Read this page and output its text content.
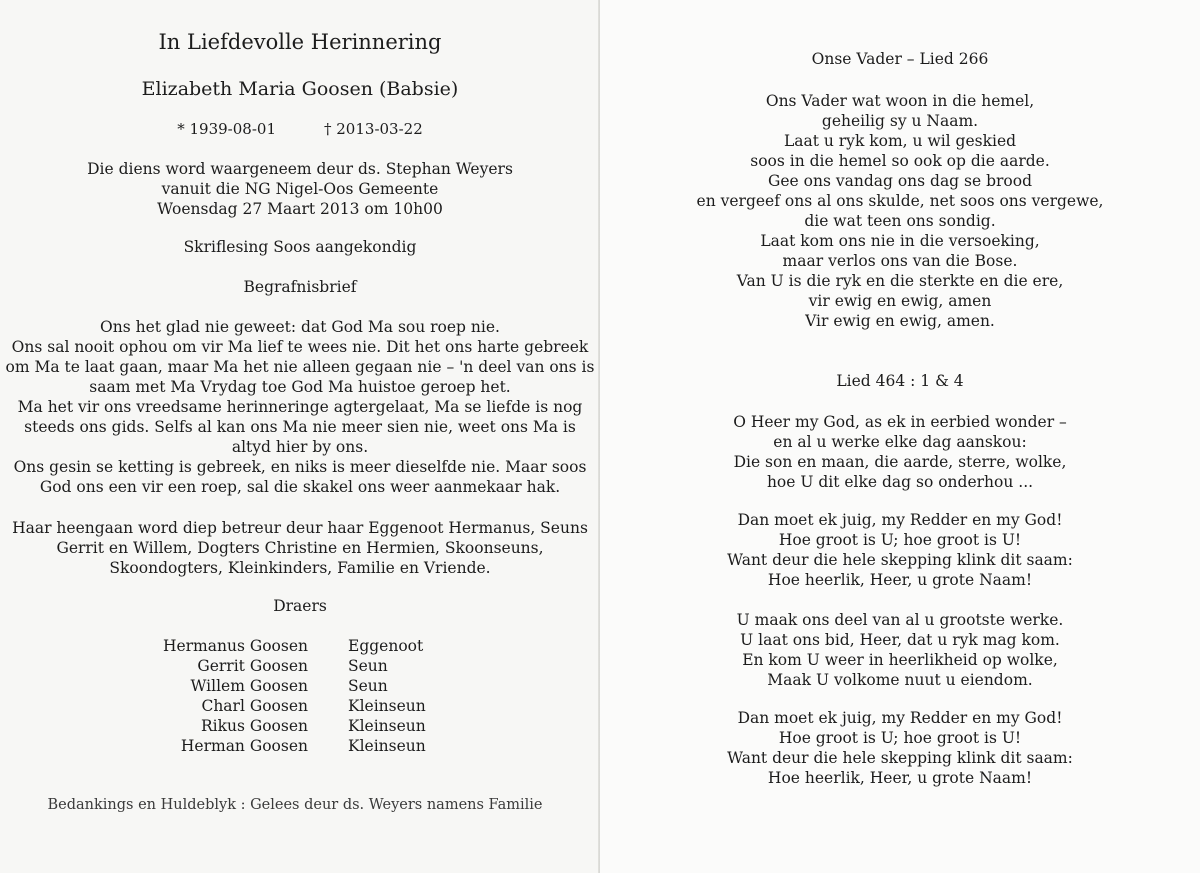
In Liefdevolle Herinnering
Elizabeth Maria Goosen (Babsie)
* 1939-08-01	† 2013-03-22
Die diens word waargeneem deur ds. Stephan Weyers
vanuit die NG Nigel-Oos Gemeente
Woensdag 27 Maart 2013 om 10h00
Skriflesing Soos aangekondig
Begrafnisbrief
Ons het glad nie geweet: dat God Ma sou roep nie.
Ons sal nooit ophou om vir Ma lief te wees nie. Dit het ons harte gebreek
om Ma te laat gaan, maar Ma het nie alleen gegaan nie – 'n deel van ons is
saam met Ma Vrydag toe God Ma huistoe geroep het.
Ma het vir ons vreedsame herinneringe agtergelaat, Ma se liefde is nog
steeds ons gids. Selfs al kan ons Ma nie meer sien nie, weet ons Ma is
altyd hier by ons.
Ons gesin se ketting is gebreek, en niks is meer dieselfde nie. Maar soos
God ons een vir een roep, sal die skakel ons weer aanmekaar hak.
Haar heengaan word diep betreur deur haar Eggenoot Hermanus, Seuns
Gerrit en Willem, Dogters Christine en Hermien, Skoonseuns,
Skoondogters, Kleinkinders, Familie en Vriende.
Draers
Hermanus Goosen	Eggenoot
Gerrit Goosen	Seun
Willem Goosen	Seun
Charl Goosen	Kleinseun
Rikus Goosen	Kleinseun
Herman Goosen	Kleinseun
Bedankings en Huldeblyk : Gelees deur ds. Weyers namens Familie
Onse Vader – Lied 266
Ons Vader wat woon in die hemel,
geheilig sy u Naam.
Laat u ryk kom, u wil geskied
soos in die hemel so ook op die aarde.
Gee ons vandag ons dag se brood
en vergeef ons al ons skulde, net soos ons vergewe,
die wat teen ons sondig.
Laat kom ons nie in die versoeking,
maar verlos ons van die Bose.
Van U is die ryk en die sterkte en die ere,
vir ewig en ewig, amen
Vir ewig en ewig, amen.
Lied 464 : 1 & 4
O Heer my God, as ek in eerbied wonder –
en al u werke elke dag aanskou:
Die son en maan, die aarde, sterre, wolke,
hoe U dit elke dag so onderhou ...
Dan moet ek juig, my Redder en my God!
Hoe groot is U; hoe groot is U!
Want deur die hele skepping klink dit saam:
Hoe heerlik, Heer, u grote Naam!
U maak ons deel van al u grootste werke.
U laat ons bid, Heer, dat u ryk mag kom.
En kom U weer in heerlikheid op wolke,
Maak U volkome nuut u eiendom.
Dan moet ek juig, my Redder en my God!
Hoe groot is U; hoe groot is U!
Want deur die hele skepping klink dit saam:
Hoe heerlik, Heer, u grote Naam!
